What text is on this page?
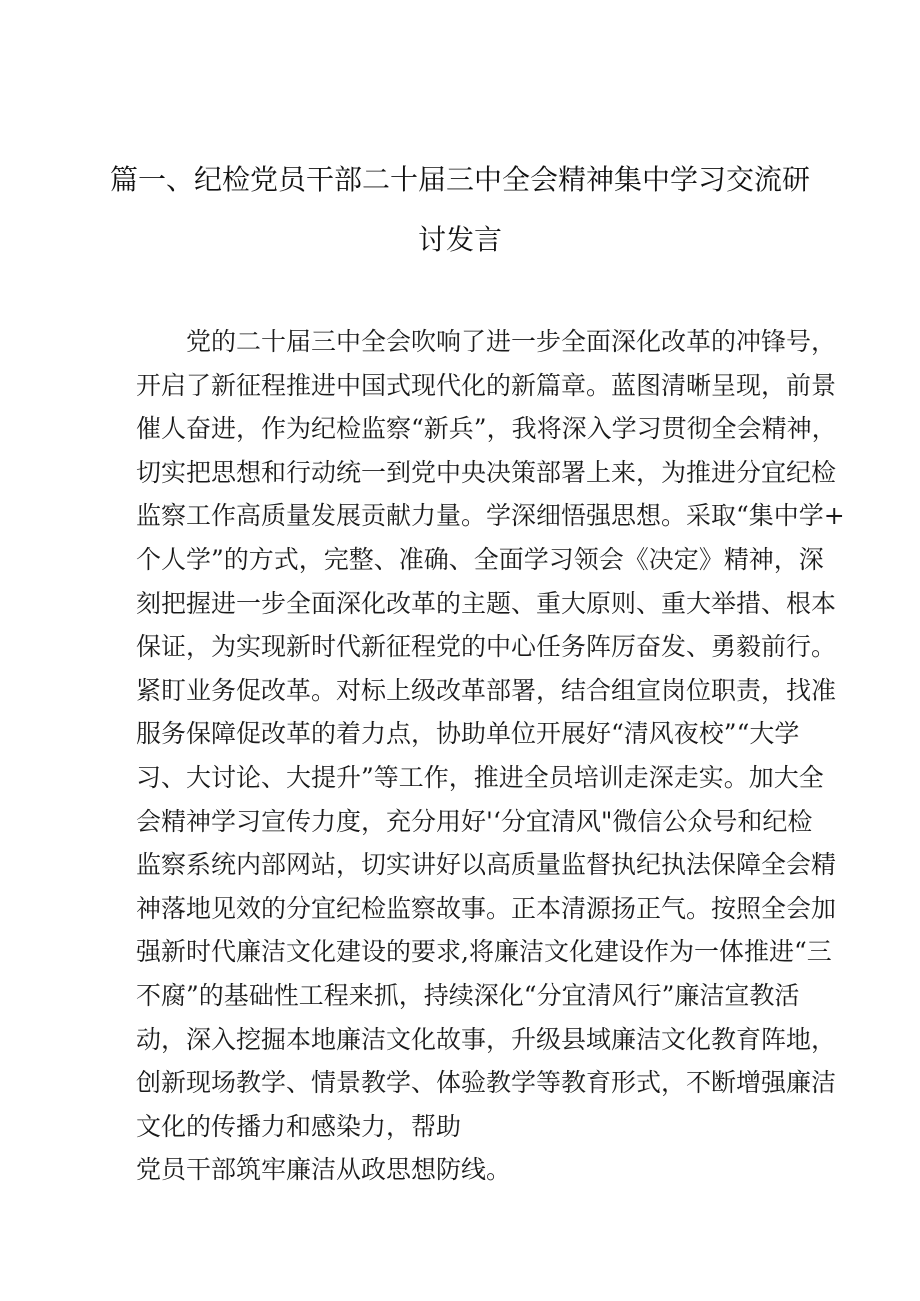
篇一、纪检党员干部二十届三中全会精神集中学习交流研
讨发言
党的二十届三中全会吹响了进一步全面深化改革的冲锋号，
开启了新征程推进中国式现代化的新篇章。蓝图清晰呈现，前景
催人奋进，作为纪检监察“新兵”，我将深入学习贯彻全会精神，
切实把思想和行动统一到党中央决策部署上来，为推进分宜纪检
监察工作高质量发展贡献力量。学深细悟强思想。采取“集中学+
个人学”的方式，完整、准确、全面学习领会《决定》精神，深
刻把握进一步全面深化改革的主题、重大原则、重大举措、根本
保证，为实现新时代新征程党的中心任务阵厉奋发、勇毅前行。
紧盯业务促改革。对标上级改革部署，结合组宣岗位职责，找准
服务保障促改革的着力点，协助单位开展好“清风夜校”“大学
习、大讨论、大提升”等工作，推进全员培训走深走实。加大全
会精神学习宣传力度，充分用好'‘分宜清风"微信公众号和纪检
监察系统内部网站，切实讲好以高质量监督执纪执法保障全会精
神落地见效的分宜纪检监察故事。正本清源扬正气。按照全会加
强新时代廉洁文化建设的要求,将廉洁文化建设作为一体推进“三
不腐”的基础性工程来抓，持续深化“分宜清风行”廉洁宣教活
动，深入挖掘本地廉洁文化故事，升级县域廉洁文化教育阵地，
创新现场教学、情景教学、体验教学等教育形式，不断增强廉洁
文化的传播力和感染力，帮助
党员干部筑牢廉洁从政思想防线。
